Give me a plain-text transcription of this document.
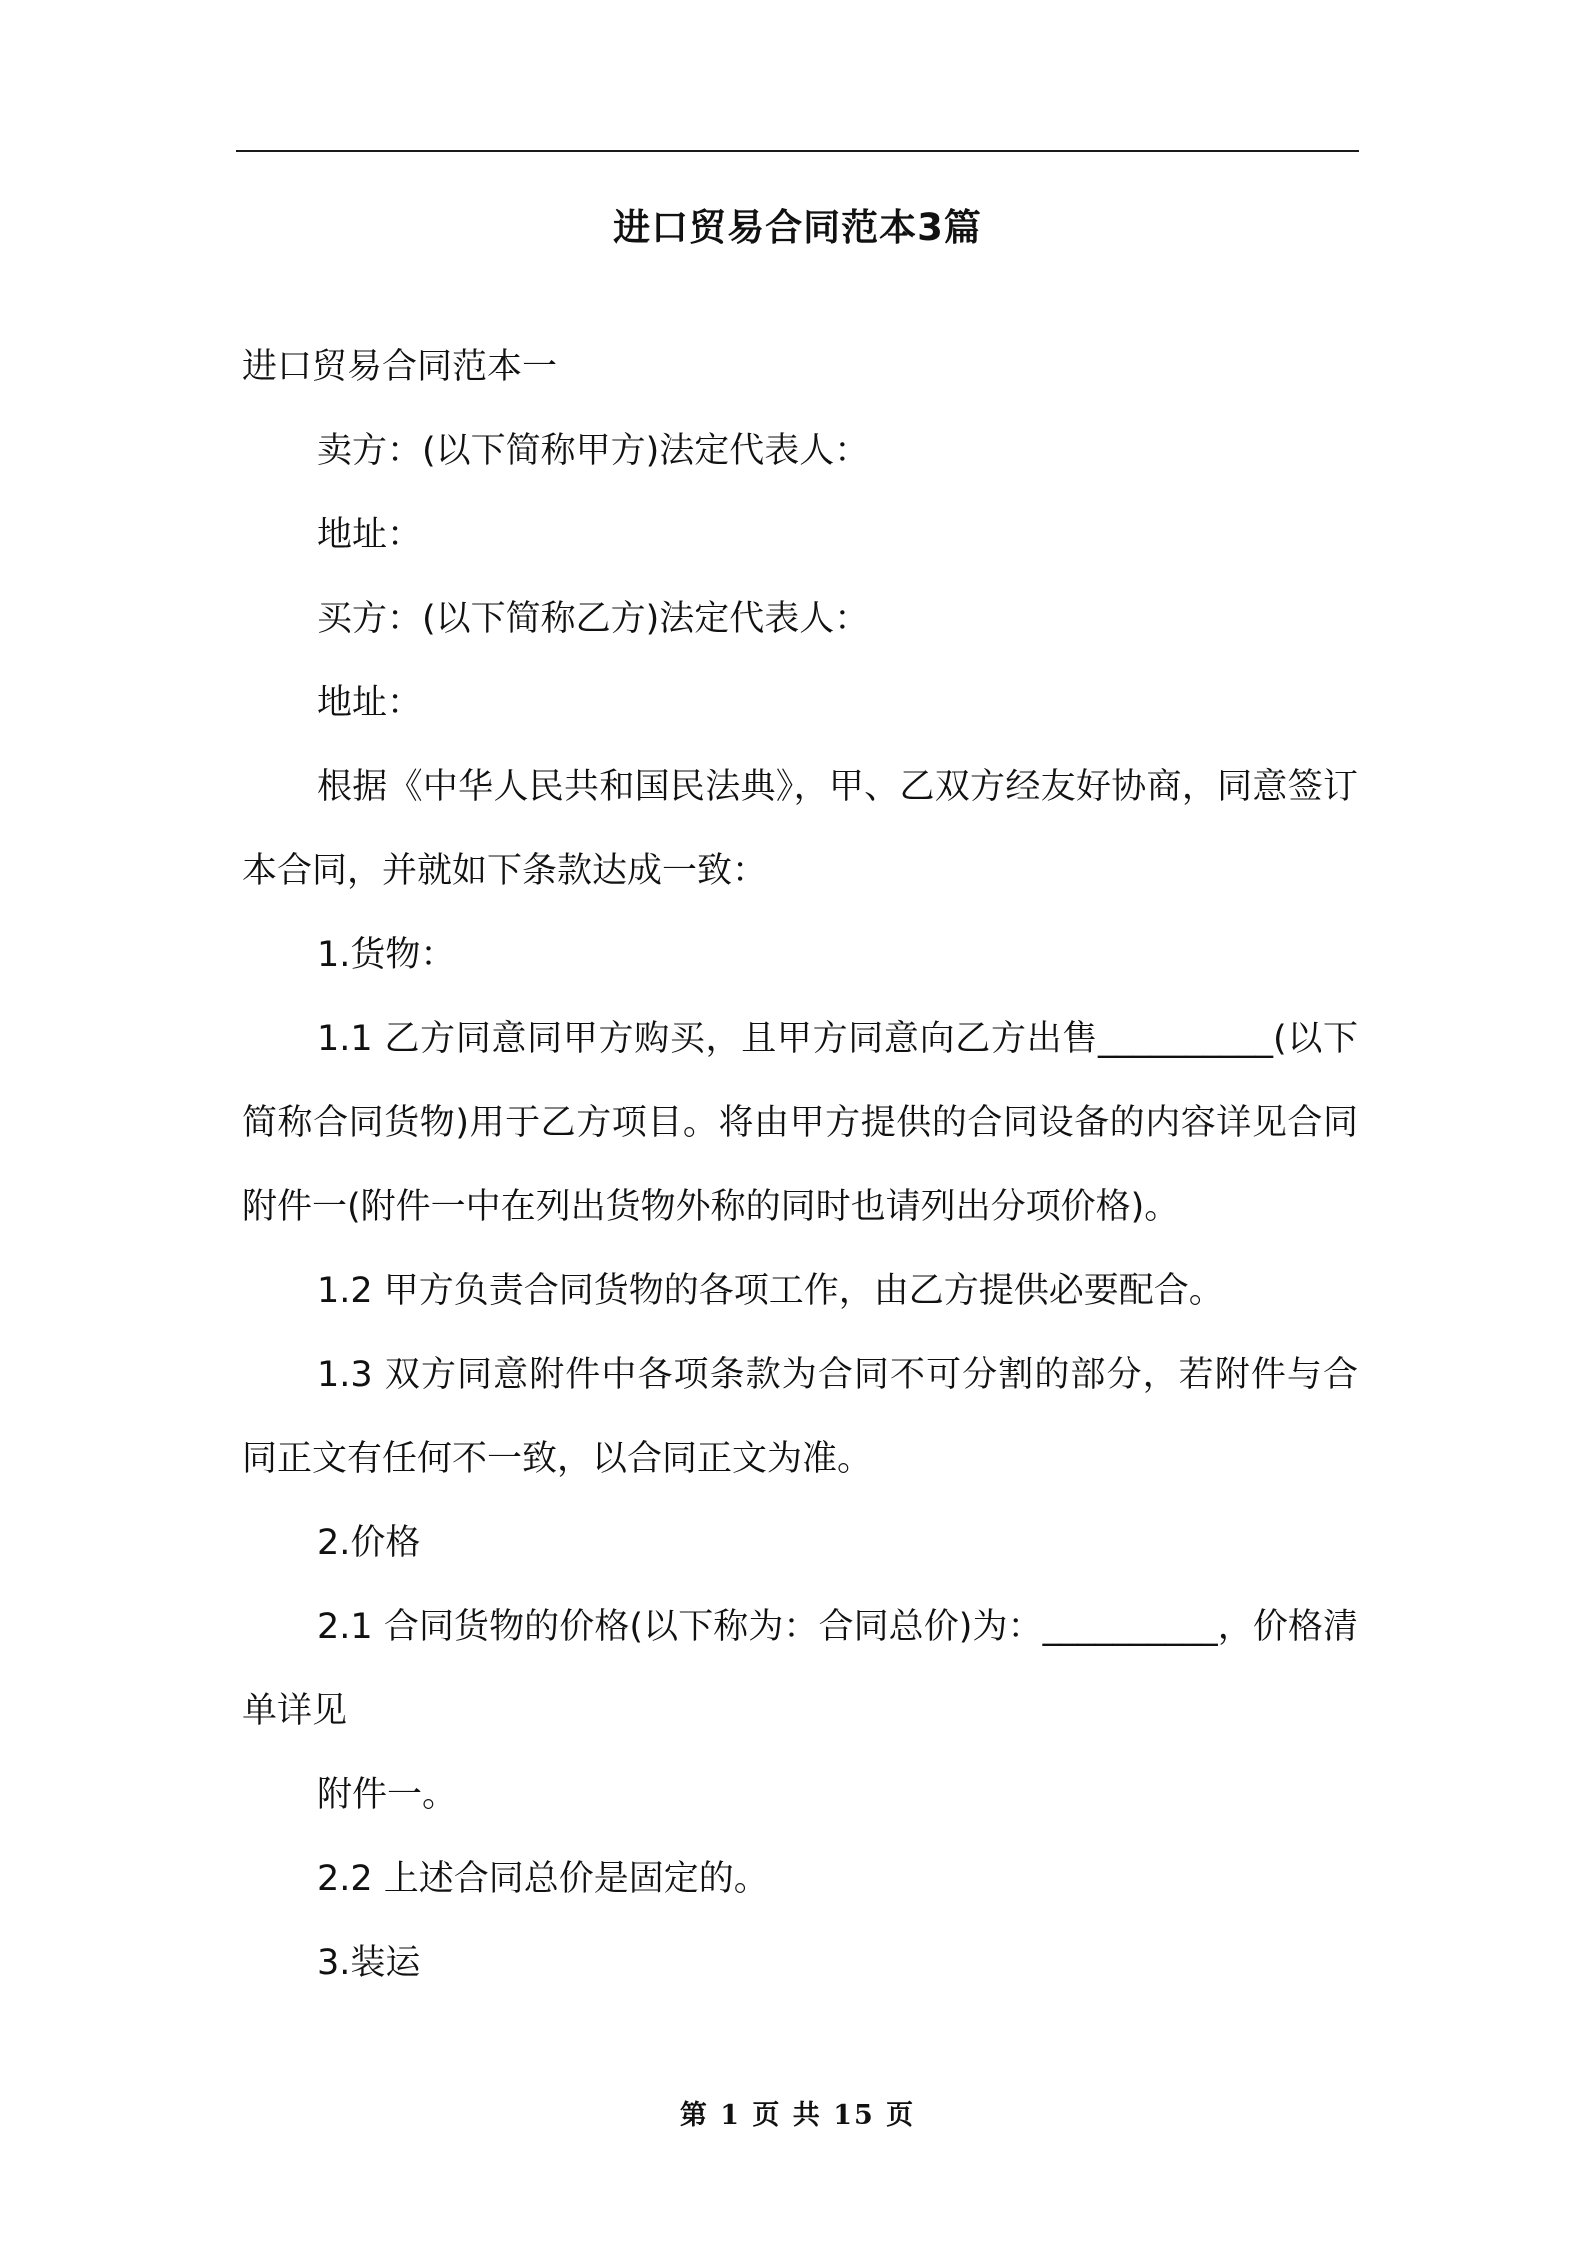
进口贸易合同范本3篇

进口贸易合同范本一

卖方：(以下简称甲方)法定代表人：

地址：

买方：(以下简称乙方)法定代表人：

地址：

根据《中华人民共和国民法典》，甲、乙双方经友好协商，同意签订本合同，并就如下条款达成一致：

1.货物：

1.1 乙方同意同甲方购买，且甲方同意向乙方出售__________(以下简称合同货物)用于乙方项目。将由甲方提供的合同设备的内容详见合同附件一(附件一中在列出货物外称的同时也请列出分项价格)。

1.2 甲方负责合同货物的各项工作，由乙方提供必要配合。

1.3 双方同意附件中各项条款为合同不可分割的部分，若附件与合同正文有任何不一致，以合同正文为准。

2.价格

2.1 合同货物的价格(以下称为：合同总价)为：__________，价格清单详见

附件一。

2.2 上述合同总价是固定的。

3.装运

第 1 页 共 15 页
